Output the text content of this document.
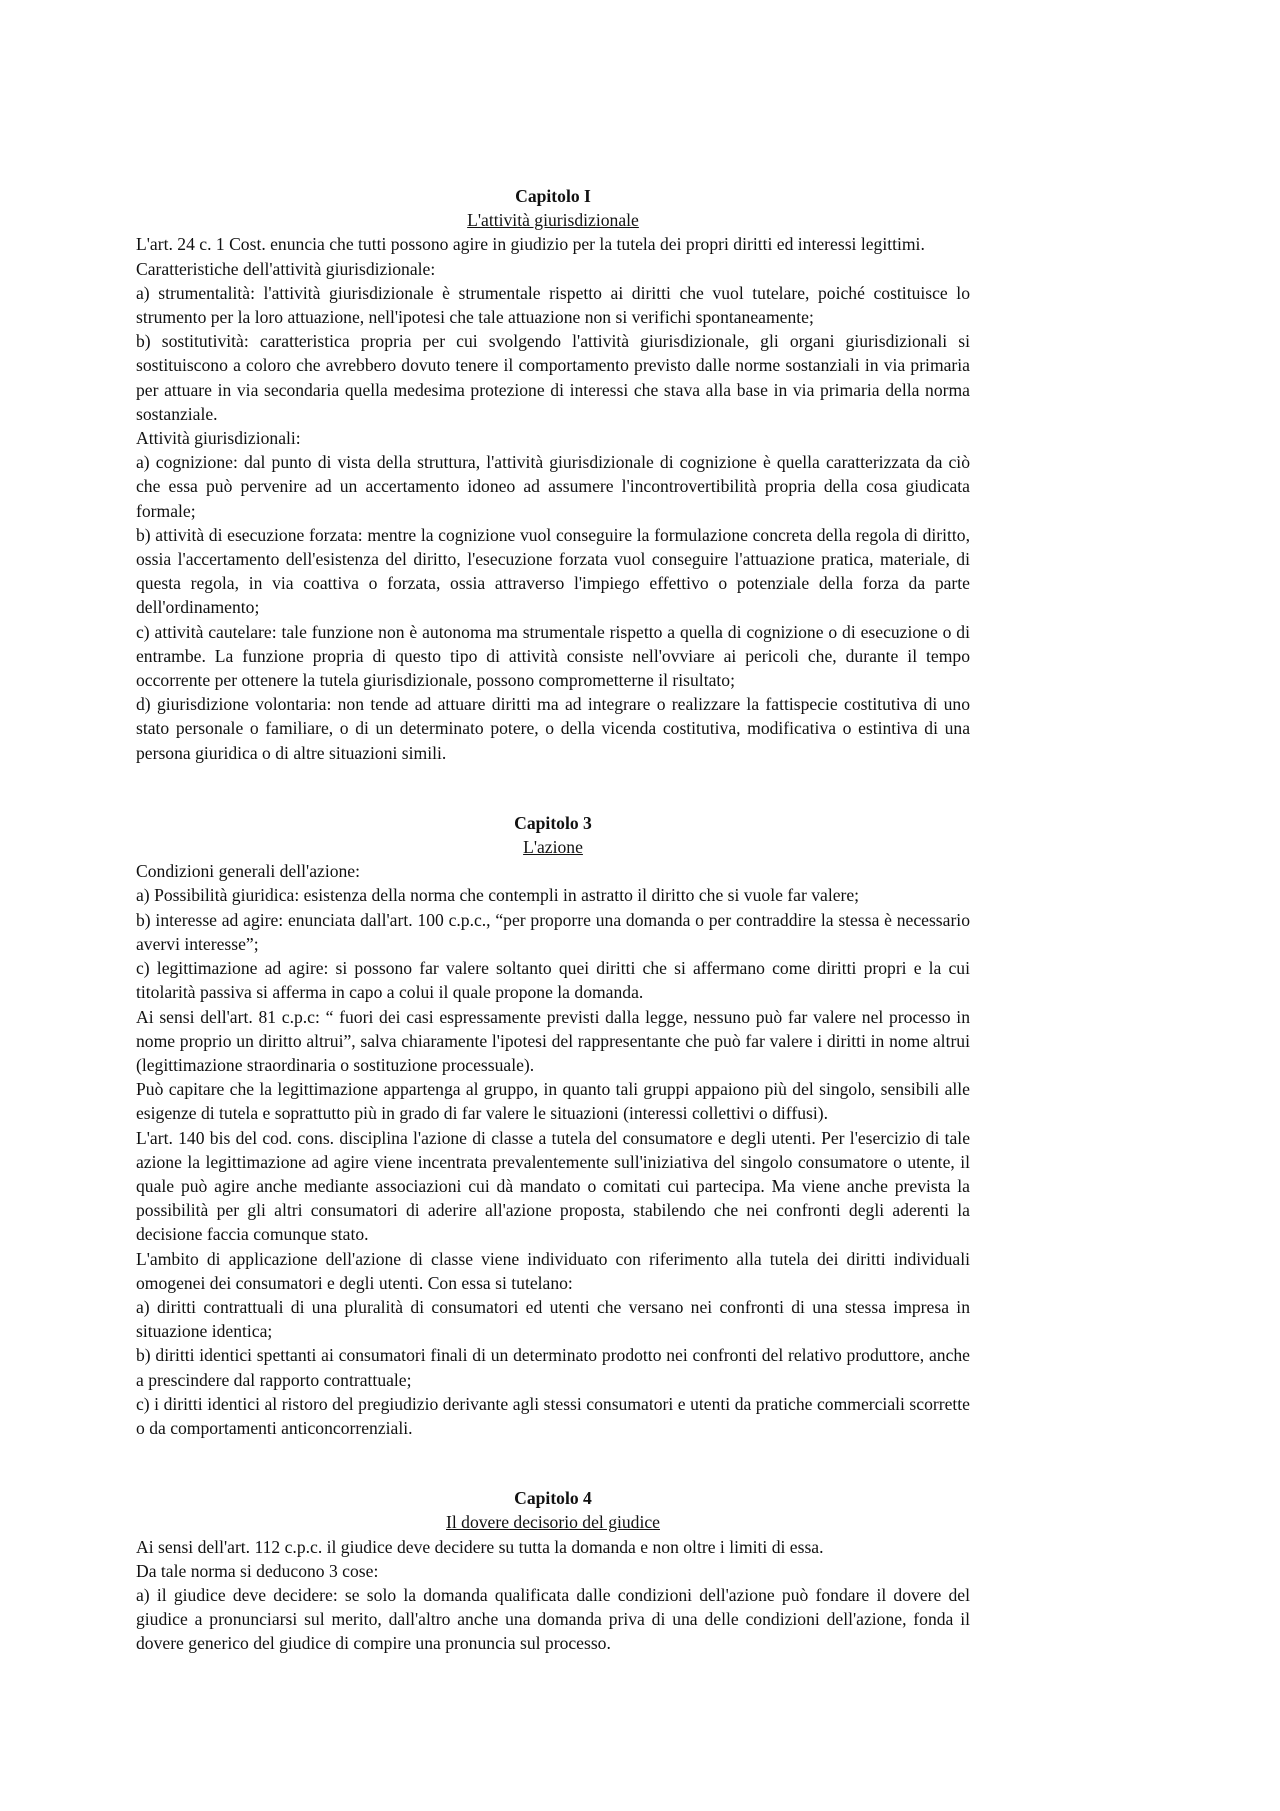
Capitolo I
L'attività giurisdizionale

L'art. 24 c. 1 Cost. enuncia che tutti possono agire in giudizio per la tutela dei propri diritti ed interessi legittimi.

Caratteristiche dell'attività giurisdizionale:

a) strumentalità: l'attività giurisdizionale è strumentale rispetto ai diritti che vuol tutelare, poiché costituisce lo strumento per la loro attuazione, nell'ipotesi che tale attuazione non si verifichi spontaneamente;

b) sostitutività: caratteristica propria per cui svolgendo l'attività giurisdizionale, gli organi giurisdizionali si sostituiscono a coloro che avrebbero dovuto tenere il comportamento previsto dalle norme sostanziali in via primaria per attuare in via secondaria quella medesima protezione di interessi che stava alla base in via primaria della norma sostanziale.

Attività giurisdizionali:

a) cognizione: dal punto di vista della struttura, l'attività giurisdizionale di cognizione è quella caratterizzata da ciò che essa può pervenire ad un accertamento idoneo ad assumere l'incontrovertibilità propria della cosa giudicata formale;

b) attività di esecuzione forzata: mentre la cognizione vuol conseguire la formulazione concreta della regola di diritto, ossia l'accertamento dell'esistenza del diritto, l'esecuzione forzata vuol conseguire l'attuazione pratica, materiale, di questa regola, in via coattiva o forzata, ossia attraverso l'impiego effettivo o potenziale della forza da parte dell'ordinamento;

c) attività cautelare: tale funzione non è autonoma ma strumentale rispetto a quella di cognizione o di esecuzione o di entrambe. La funzione propria di questo tipo di attività consiste nell'ovviare ai pericoli che, durante il tempo occorrente per ottenere la tutela giurisdizionale, possono comprometterne il risultato;

d) giurisdizione volontaria: non tende ad attuare diritti ma ad integrare o realizzare la fattispecie costitutiva di uno stato personale o familiare, o di un determinato potere, o della vicenda costitutiva, modificativa o estintiva di una persona giuridica o di altre situazioni simili.

Capitolo 3
L'azione

Condizioni generali dell'azione:

a) Possibilità giuridica: esistenza della norma che contempli in astratto il diritto che si vuole far valere;

b) interesse ad agire: enunciata dall'art. 100 c.p.c., “per proporre una domanda o per contraddire la stessa è necessario avervi interesse”;

c) legittimazione ad agire: si possono far valere soltanto quei diritti che si affermano come diritti propri e la cui titolarità passiva si afferma in capo a colui il quale propone la domanda.

Ai sensi dell'art. 81 c.p.c: “ fuori dei casi espressamente previsti dalla legge, nessuno può far valere nel processo in nome proprio un diritto altrui”, salva chiaramente l'ipotesi del rappresentante che può far valere i diritti in nome altrui (legittimazione straordinaria o sostituzione processuale).

Può capitare che la legittimazione appartenga al gruppo, in quanto tali gruppi appaiono più del singolo, sensibili alle esigenze di tutela e soprattutto più in grado di far valere le situazioni (interessi collettivi o diffusi).

L'art. 140 bis del cod. cons. disciplina l'azione di classe a tutela del consumatore e degli utenti. Per l'esercizio di tale azione la legittimazione ad agire viene incentrata prevalentemente sull'iniziativa del singolo consumatore o utente, il quale può agire anche mediante associazioni cui dà mandato o comitati cui partecipa. Ma viene anche prevista la possibilità per gli altri consumatori di aderire all'azione proposta, stabilendo che nei confronti degli aderenti la decisione faccia comunque stato.

L'ambito di applicazione dell'azione di classe viene individuato con riferimento alla tutela dei diritti individuali omogenei dei consumatori e degli utenti. Con essa si tutelano:

a) diritti contrattuali di una pluralità di consumatori ed utenti che versano nei confronti di una stessa impresa in situazione identica;

b) diritti identici spettanti ai consumatori finali di un determinato prodotto nei confronti del relativo produttore, anche a prescindere dal rapporto contrattuale;

c) i diritti identici al ristoro del pregiudizio derivante agli stessi consumatori e utenti da pratiche commerciali scorrette o da comportamenti anticoncorrenziali.

Capitolo 4
Il dovere decisorio del giudice

Ai sensi dell'art. 112 c.p.c. il giudice deve decidere su tutta la domanda e non oltre i limiti di essa.

Da tale norma si deducono 3 cose:

a) il giudice deve decidere: se solo la domanda qualificata dalle condizioni dell'azione può fondare il dovere del giudice a pronunciarsi sul merito, dall'altro anche una domanda priva di una delle condizioni dell'azione, fonda il dovere generico del giudice di compire una pronuncia sul processo.
